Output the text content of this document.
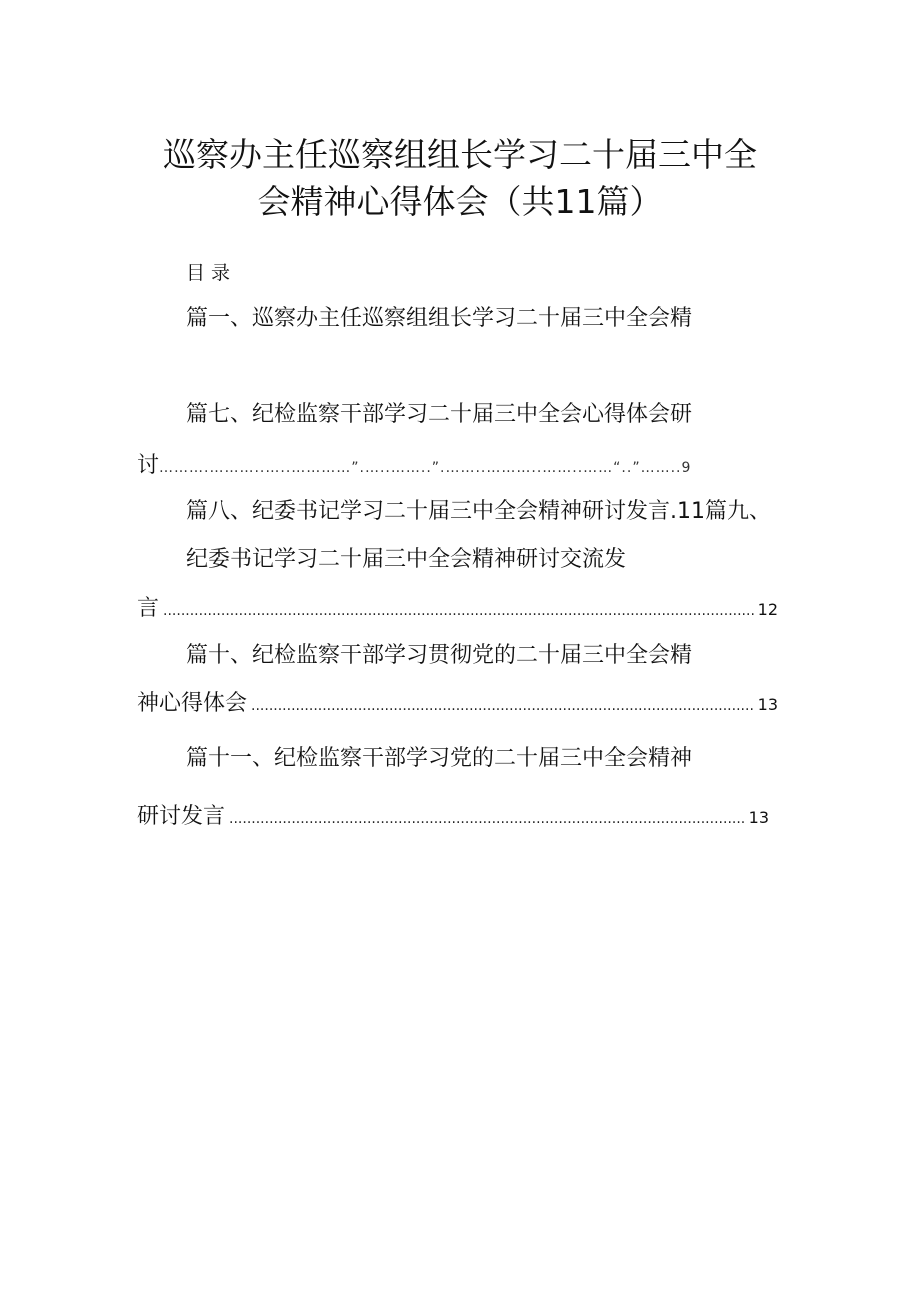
巡察办主任巡察组组长学习二十届三中全
会精神心得体会（共11篇）
目录
篇一、巡察办主任巡察组组长学习二十届三中全会精
篇七、纪检监察干部学习二十届三中全会心得体会研
讨 ……….………..…..…………”.…..……..”.……..………..……..……“..”……..9
篇八、纪委书记学习二十届三中全会精神研讨发言.11篇九、
纪委书记学习二十届三中全会精神研讨交流发
言 .....	12
篇十、纪检监察干部学习贯彻党的二十届三中全会精
神心得体会 .....	13
篇十一、纪检监察干部学习党的二十届三中全会精神
研讨发言 .....	13
